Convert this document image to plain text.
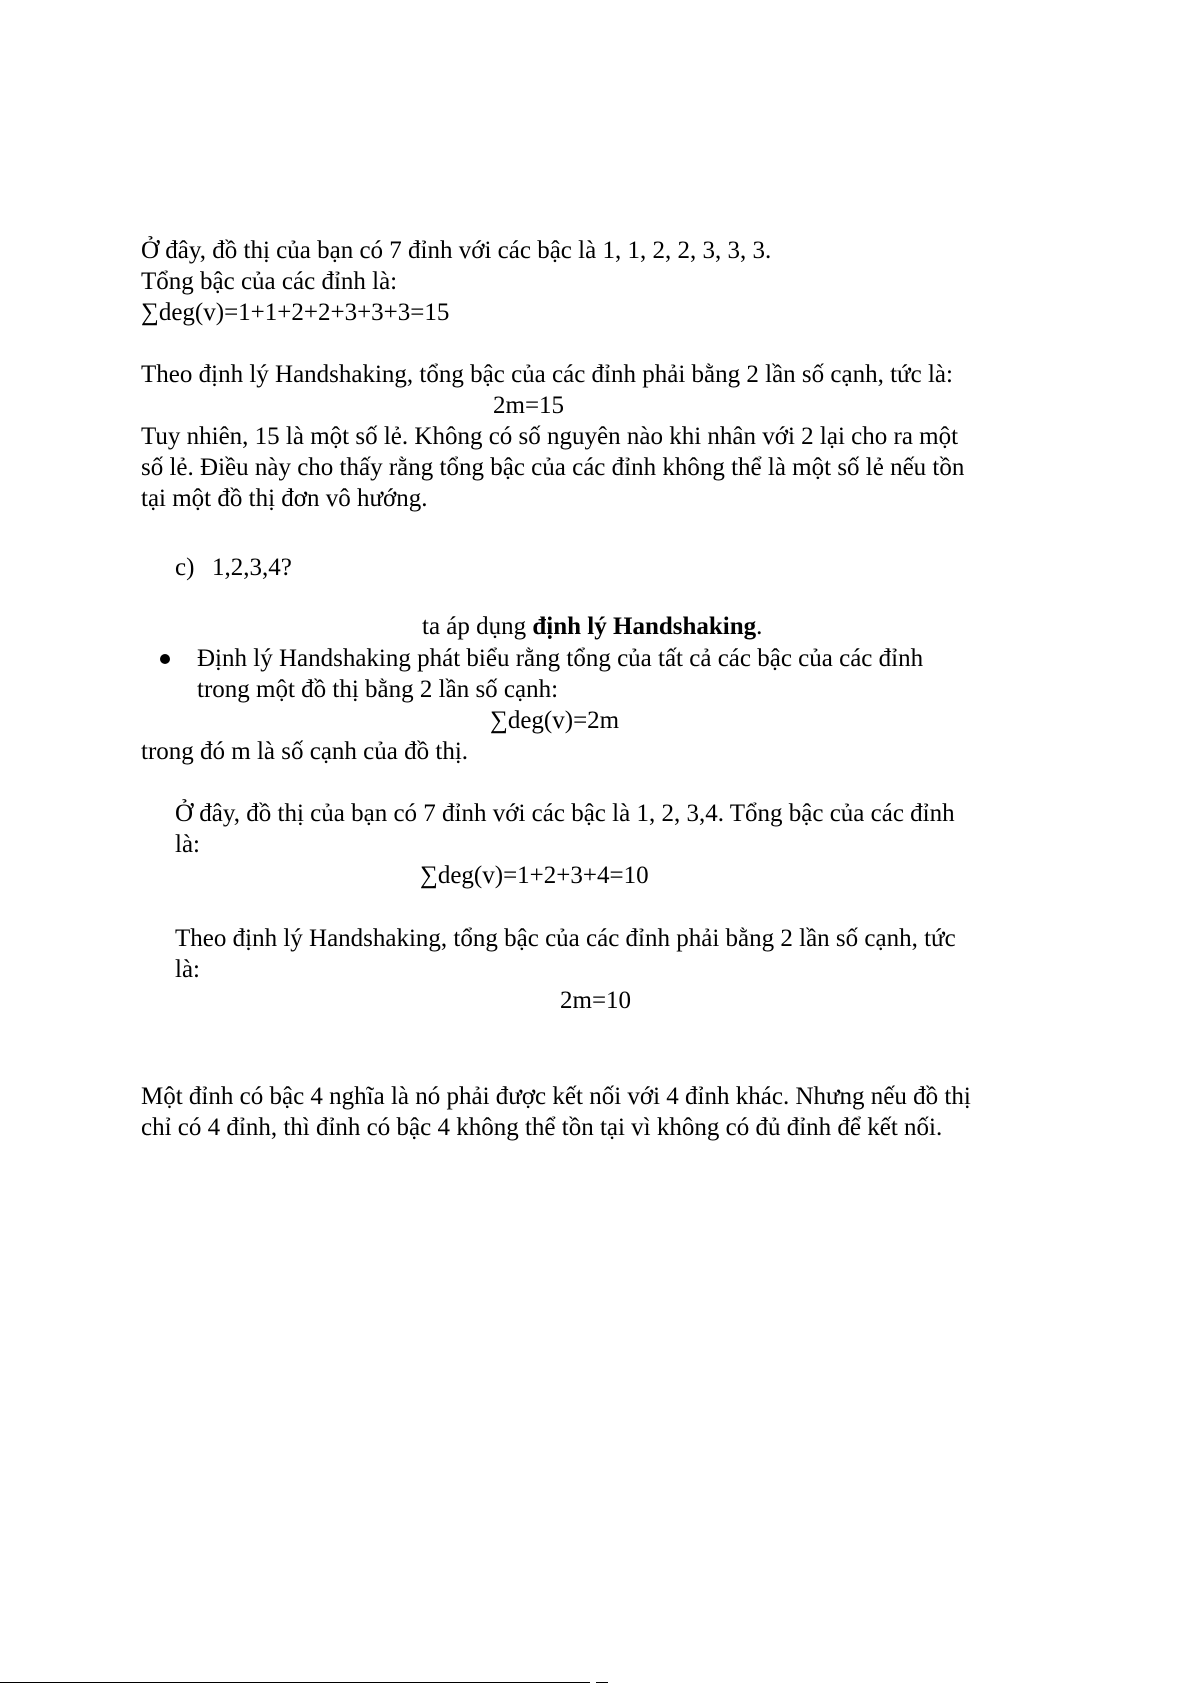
Ở đây, đồ thị của bạn có 7 đỉnh với các bậc là 1, 1, 2, 2, 3, 3, 3.
Tổng bậc của các đỉnh là:
∑deg(v)=1+1+2+2+3+3+3=15
Theo định lý Handshaking, tổng bậc của các đỉnh phải bằng 2 lần số cạnh, tức là:
2m=15
Tuy nhiên, 15 là một số lẻ. Không có số nguyên nào khi nhân với 2 lại cho ra một
số lẻ. Điều này cho thấy rằng tổng bậc của các đỉnh không thể là một số lẻ nếu tồn
tại một đồ thị đơn vô hướng.
c) 1,2,3,4?
ta áp dụng định lý Handshaking.
Định lý Handshaking phát biểu rằng tổng của tất cả các bậc của các đỉnh
trong một đồ thị bằng 2 lần số cạnh:
∑deg(v)=2m
trong đó m là số cạnh của đồ thị.
Ở đây, đồ thị của bạn có 7 đỉnh với các bậc là 1, 2, 3,4. Tổng bậc của các đỉnh
là:
∑deg(v)=1+2+3+4=10
Theo định lý Handshaking, tổng bậc của các đỉnh phải bằng 2 lần số cạnh, tức
là:
2m=10
Một đỉnh có bậc 4 nghĩa là nó phải được kết nối với 4 đỉnh khác. Nhưng nếu đồ thị
chỉ có 4 đỉnh, thì đỉnh có bậc 4 không thể tồn tại vì không có đủ đỉnh để kết nối.
